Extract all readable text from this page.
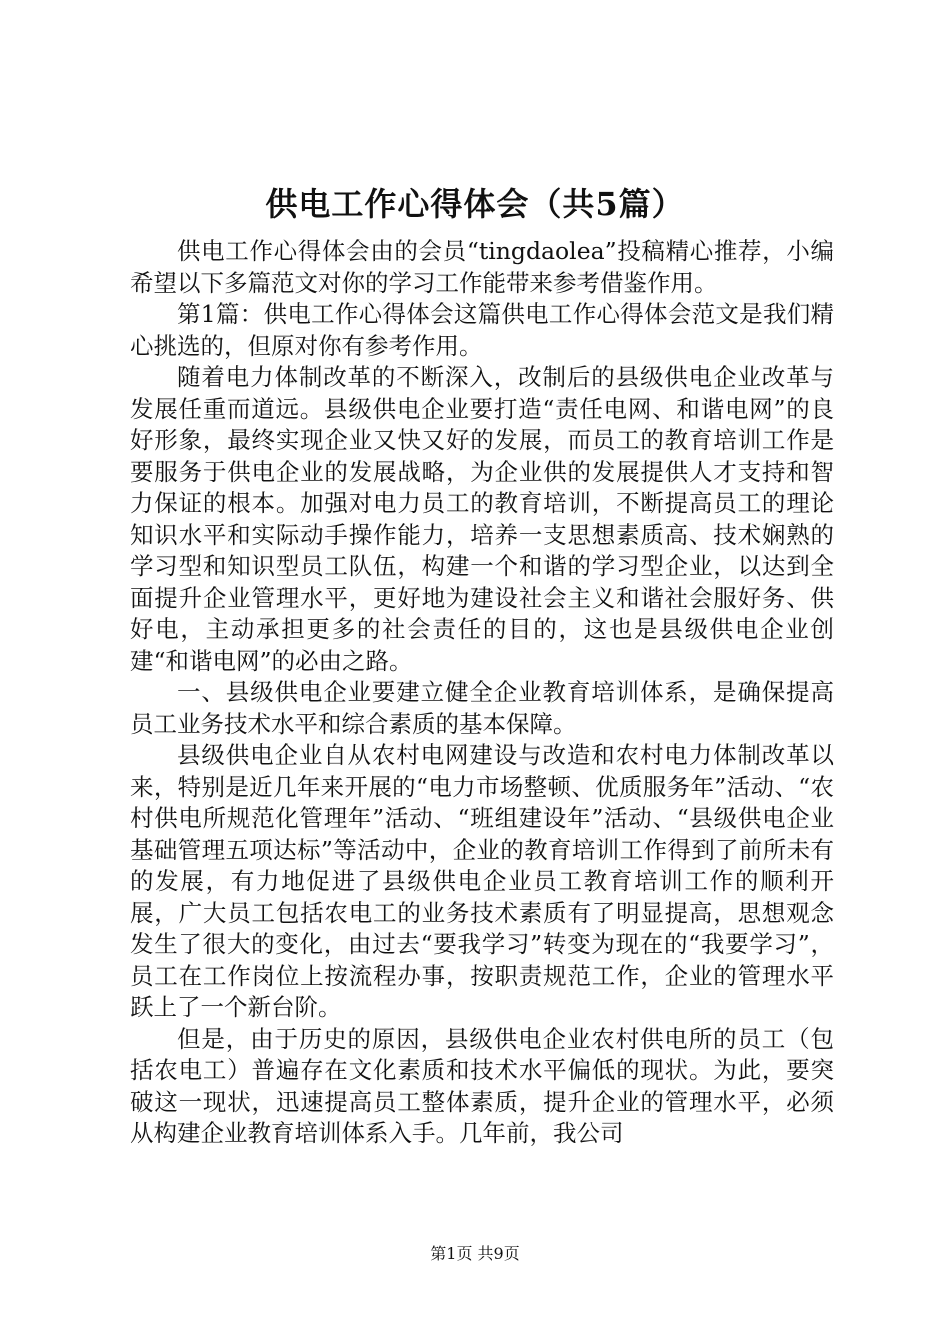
供电工作心得体会（共5篇）

供电工作心得体会由的会员“tingdaolea”投稿精心推荐，小编希望以下多篇范文对你的学习工作能带来参考借鉴作用。

第1篇：供电工作心得体会这篇供电工作心得体会范文是我们精心挑选的，但原对你有参考作用。

随着电力体制改革的不断深入，改制后的县级供电企业改革与发展任重而道远。县级供电企业要打造“责任电网、和谐电网”的良好形象，最终实现企业又快又好的发展，而员工的教育培训工作是要服务于供电企业的发展战略，为企业供的发展提供人才支持和智力保证的根本。加强对电力员工的教育培训，不断提高员工的理论知识水平和实际动手操作能力，培养一支思想素质高、技术娴熟的学习型和知识型员工队伍，构建一个和谐的学习型企业，以达到全面提升企业管理水平，更好地为建设社会主义和谐社会服好务、供好电，主动承担更多的社会责任的目的，这也是县级供电企业创建“和谐电网”的必由之路。

一、县级供电企业要建立健全企业教育培训体系，是确保提高员工业务技术水平和综合素质的基本保障。

县级供电企业自从农村电网建设与改造和农村电力体制改革以来，特别是近几年来开展的“电力市场整顿、优质服务年”活动、“农村供电所规范化管理年”活动、“班组建设年”活动、“县级供电企业基础管理五项达标”等活动中，企业的教育培训工作得到了前所未有的发展，有力地促进了县级供电企业员工教育培训工作的顺利开展，广大员工包括农电工的业务技术素质有了明显提高，思想观念发生了很大的变化，由过去“要我学习”转变为现在的“我要学习”，员工在工作岗位上按流程办事，按职责规范工作，企业的管理水平跃上了一个新台阶。

但是，由于历史的原因，县级供电企业农村供电所的员工（包括农电工）普遍存在文化素质和技术水平偏低的现状。为此，要突破这一现状，迅速提高员工整体素质，提升企业的管理水平，必须从构建企业教育培训体系入手。几年前，我公司

第1页 共9页
